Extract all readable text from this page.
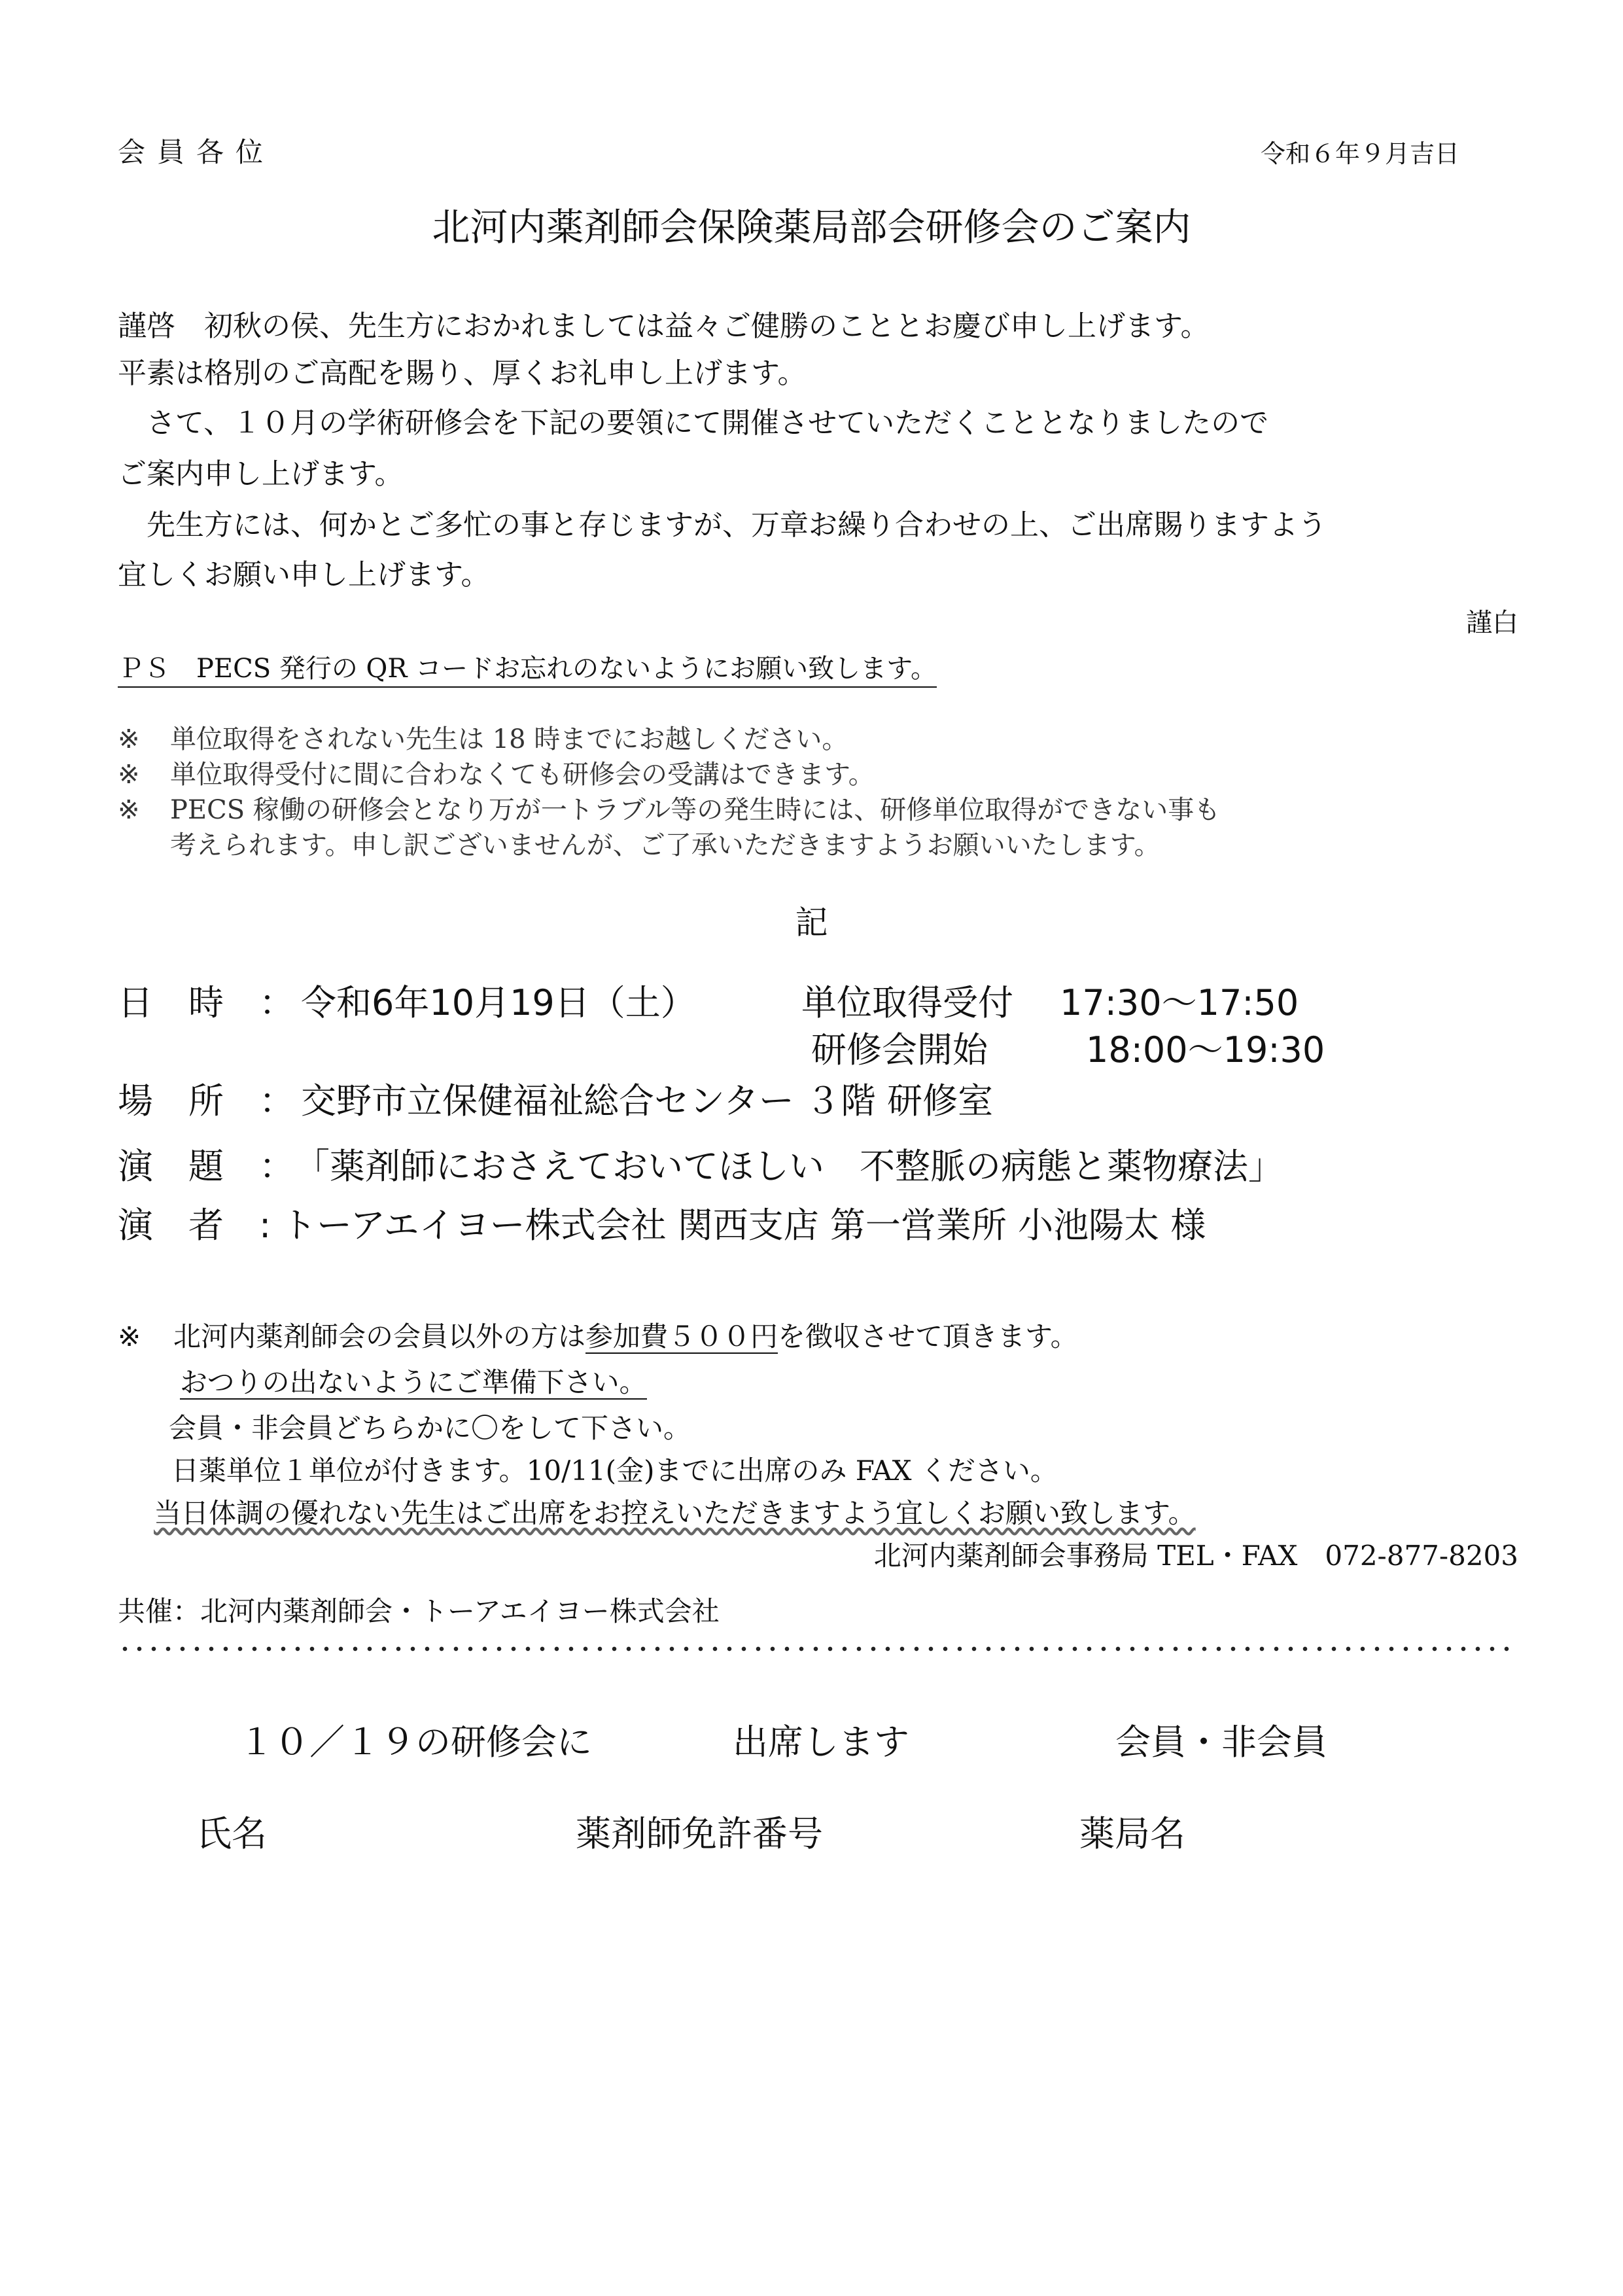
会員各位	令和６年９月吉日
北河内薬剤師会保険薬局部会研修会のご案内
謹啓　初秋の侯、先生方におかれましては益々ご健勝のこととお慶び申し上げます。
平素は格別のご高配を賜り、厚くお礼申し上げます。
　さて、１０月の学術研修会を下記の要領にて開催させていただくこととなりましたので
ご案内申し上げます。
　先生方には、何かとご多忙の事と存じますが、万章お繰り合わせの上、ご出席賜りますよう
宜しくお願い申し上げます。
謹白
ＰＳ　PECS 発行の QR コードお忘れのないようにお願い致します。
※ 単位取得をされない先生は 18 時までにお越しください。
※ 単位取得受付に間に合わなくても研修会の受講はできます。
※ PECS 稼働の研修会となり万が一トラブル等の発生時には、研修単位取得ができない事も
考えられます。申し訳ございませんが、ご了承いただきますようお願いいたします。
記
日　時　： 令和6年10月19日（土）	単位取得受付 17:30〜17:50
研修会開始	18:00〜19:30
場　所　： 交野市立保健福祉総合センター ３階 研修室
演　題　：「薬剤師におさえておいてほしい　不整脈の病態と薬物療法」
演　者　: トーアエイヨー株式会社 関西支店 第一営業所 小池陽太 様
※ 北河内薬剤師会の会員以外の方は参加費５００円を徴収させて頂きます。
おつりの出ないようにご準備下さい。
会員・非会員どちらかに〇をして下さい。
日薬単位１単位が付きます。10/11(金)までに出席のみ FAX ください。
当日体調の優れない先生はご出席をお控えいただきますよう宜しくお願い致します。
北河内薬剤師会事務局 TEL・FAX　072-877-8203
共催：北河内薬剤師会・トーアエイヨー株式会社
１０／１９の研修会に	出席します	会員・非会員
氏名	薬剤師免許番号	薬局名
